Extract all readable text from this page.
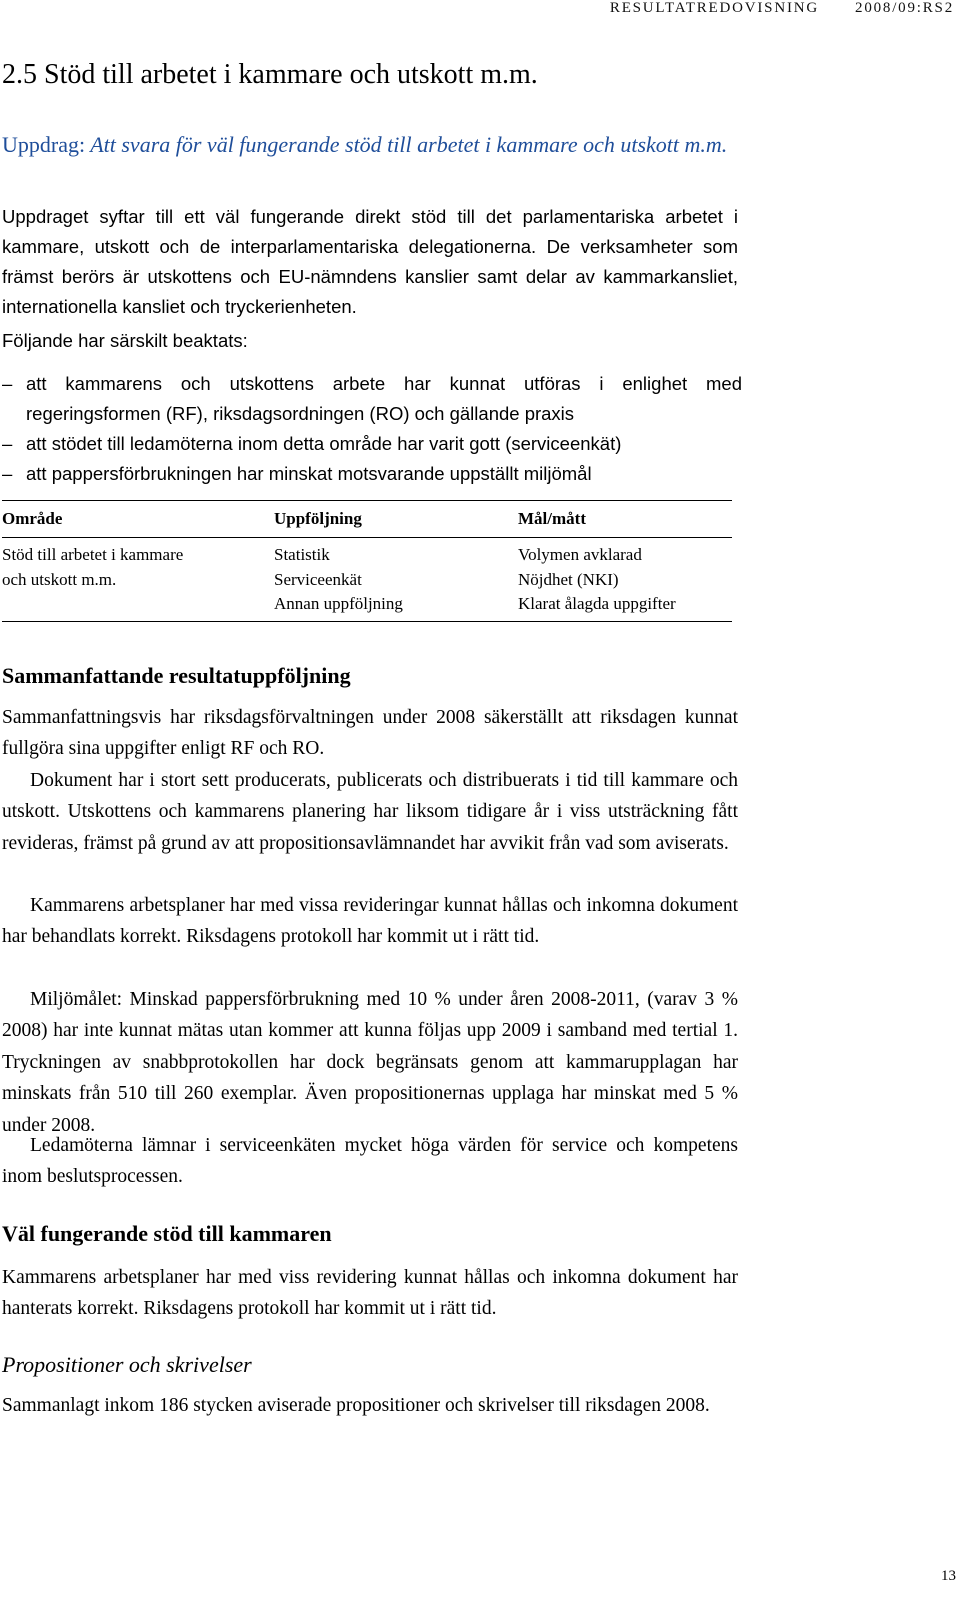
RESULTATREDOVISNING 2008/09:RS2
2.5 Stöd till arbetet i kammare och utskott m.m.
Uppdrag: Att svara för väl fungerande stöd till arbetet i kammare och utskott m.m.

Uppdraget syftar till ett väl fungerande direkt stöd till det parlamentariska arbetet i kammare, utskott och de interparlamentariska delegationerna. De verksamheter som främst berörs är utskottens och EU-nämndens kanslier samt delar av kammarkansliet, internationella kansliet och tryckerienheten.

Följande har särskilt beaktats:

– att kammarens och utskottens arbete har kunnat utföras i enlighet med regeringsformen (RF), riksdagsordningen (RO) och gällande praxis
– att stödet till ledamöterna inom detta område har varit gott (serviceenkät)
– att pappersförbrukningen har minskat motsvarande uppställt miljömål
Område	Uppföljning	Mål/mått
Stöd till arbetet i kammare
och utskott m.m.
Statistik
Serviceenkät
Annan uppföljning
Volymen avklarad
Nöjdhet (NKI)
Klarat ålagda uppgifter
Sammanfattande resultatuppföljning

Sammanfattningsvis har riksdagsförvaltningen under 2008 säkerställt att riksdagen kunnat fullgöra sina uppgifter enligt RF och RO.

Dokument har i stort sett producerats, publicerats och distribuerats i tid till kammare och utskott. Utskottens och kammarens planering har liksom tidigare år i viss utsträckning fått revideras, främst på grund av att propositionsavlämnandet har avvikit från vad som aviserats.

Kammarens arbetsplaner har med vissa revideringar kunnat hållas och inkomna dokument har behandlats korrekt. Riksdagens protokoll har kommit ut i rätt tid.

Miljömålet: Minskad pappersförbrukning med 10 % under åren 2008-2011, (varav 3 % 2008) har inte kunnat mätas utan kommer att kunna följas upp 2009 i samband med tertial 1. Tryckningen av snabbprotokollen har dock begränsats genom att kammarupplagan har minskats från 510 till 260 exemplar. Även propositionernas upplaga har minskat med 5 % under 2008.

Ledamöterna lämnar i serviceenkäten mycket höga värden för service och kompetens inom beslutsprocessen.

Väl fungerande stöd till kammaren

Kammarens arbetsplaner har med viss revidering kunnat hållas och inkomna dokument har hanterats korrekt. Riksdagens protokoll har kommit ut i rätt tid.

Propositioner och skrivelser

Sammanlagt inkom 186 stycken aviserade propositioner och skrivelser till riksdagen 2008.

13
